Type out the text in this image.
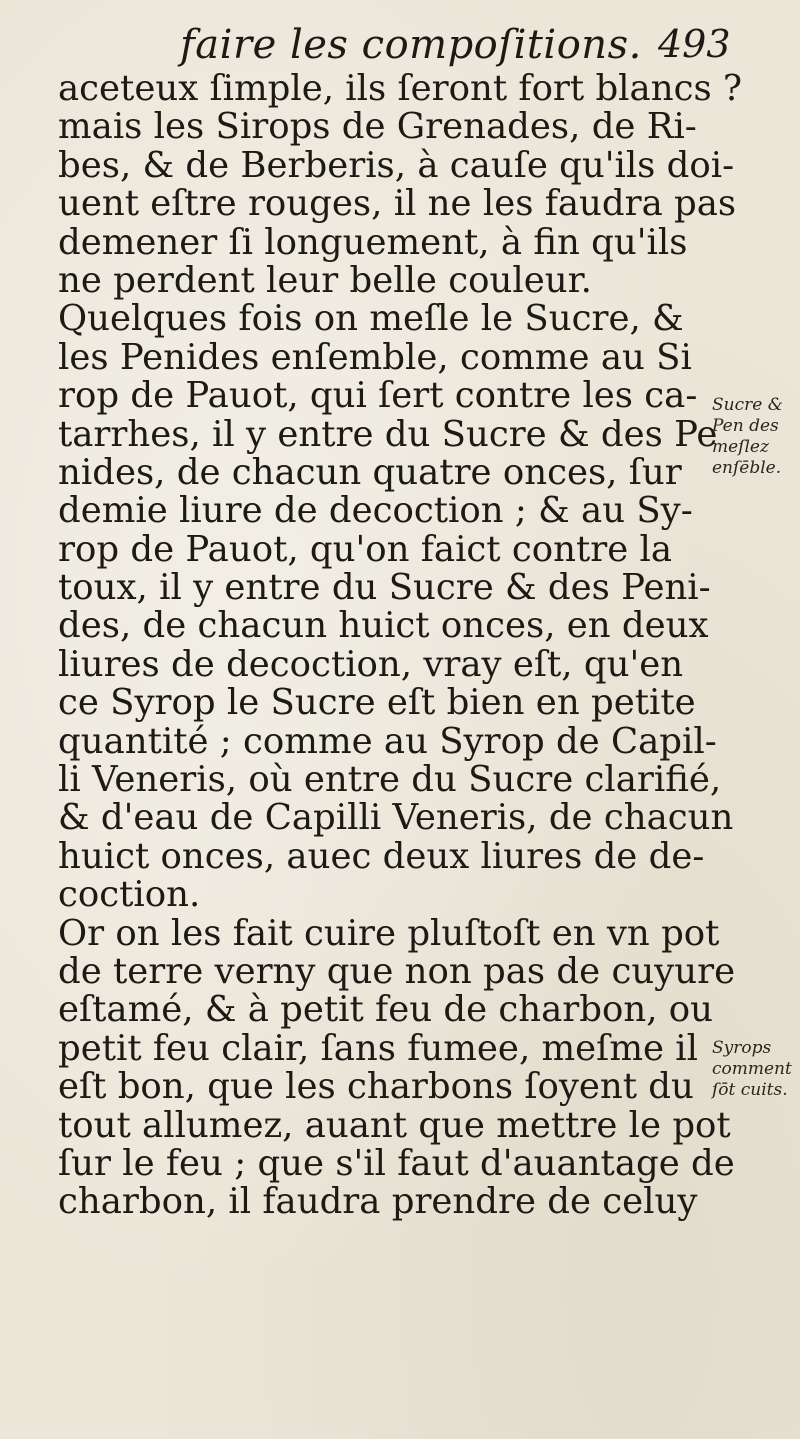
faire les compoſitions. 493
aceteux ſimple, ils ſeront fort blancs ?
mais les Sirops de Grenades, de Ri-
bes, & de Berberis, à cauſe qu'ils doi-
uent eſtre rouges, il ne les faudra pas
demener ſi longuement, à fin qu'ils
ne perdent leur belle couleur.
Quelques fois on meſle le Sucre, &
les Penides enſemble, comme au Si
rop de Pauot, qui ſert contre les ca-
tarrhes, il y entre du Sucre & des Pe
nides, de chacun quatre onces, ſur
demie liure de decoction ; & au Sy-
rop de Pauot, qu'on faict contre la
toux, il y entre du Sucre & des Peni-
des, de chacun huict onces, en deux
liures de decoction, vray eſt, qu'en
ce Syrop le Sucre eſt bien en petite
quantité ; comme au Syrop de Capil-
li Veneris, où entre du Sucre clarifié,
& d'eau de Capilli Veneris, de chacun
huict onces, auec deux liures de de-
coction.
Or on les fait cuire pluſtoſt en vn pot
de terre verny que non pas de cuyure
eſtamé, & à petit feu de charbon, ou
petit feu clair, ſans fumee, meſme il
eſt bon, que les charbons ſoyent du
tout allumez, auant que mettre le pot
ſur le feu ; que s'il faut d'auantage de
charbon, il faudra prendre de celuy
Sucre &
Pen des
meſlez
enſēble.
Syrops
comment
ſōt cuits.
